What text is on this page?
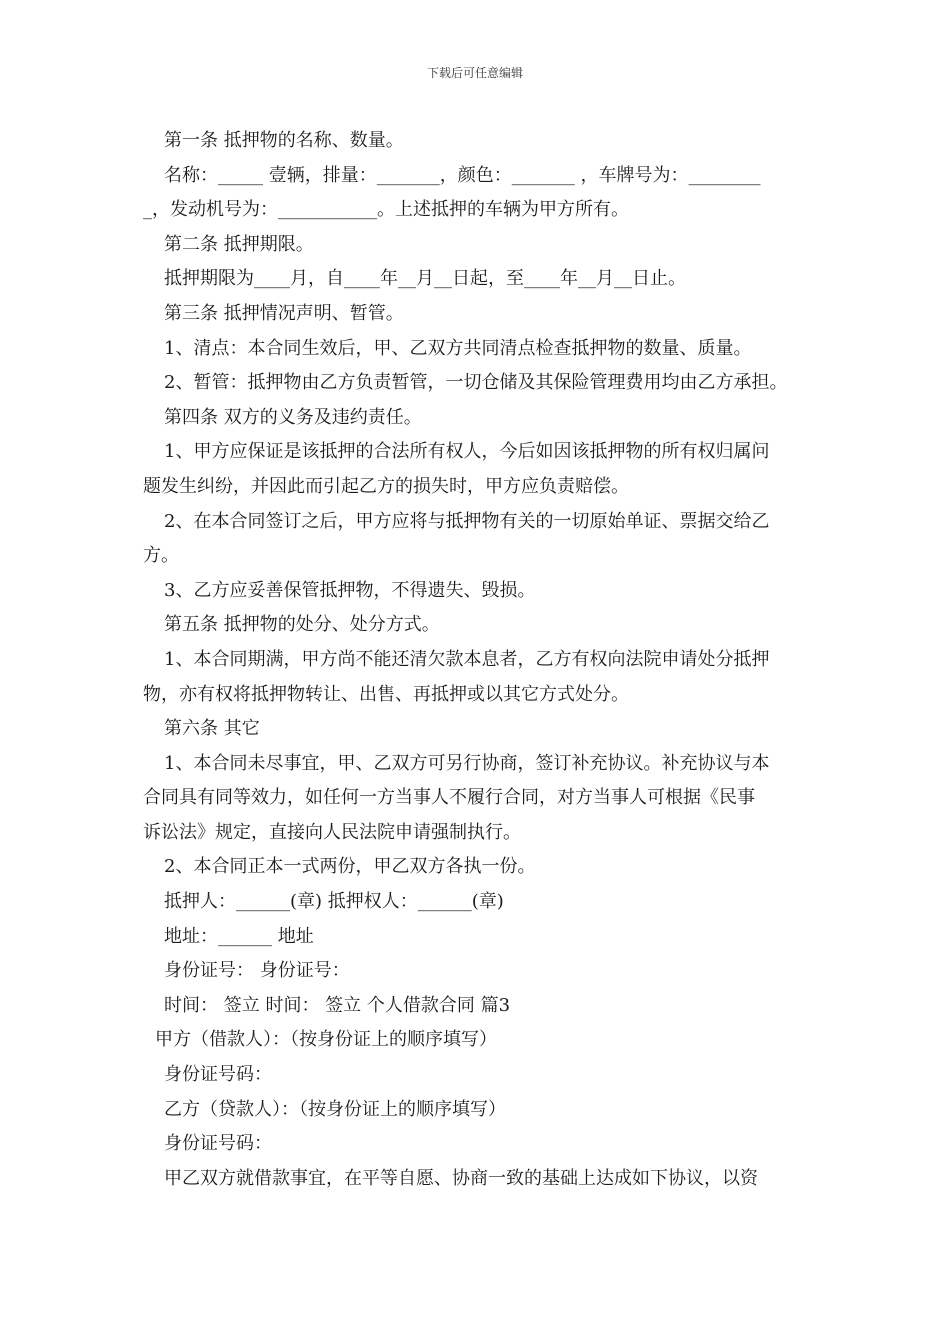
下载后可任意编辑

第一条 抵押物的名称、数量。

名称：_____ 壹辆，排量：_______，颜色：_______ ，车牌号为：________

_，发动机号为：___________。上述抵押的车辆为甲方所有。

第二条 抵押期限。

抵押期限为____月，自____年__月__日起，至____年__月__日止。

第三条 抵押情况声明、暂管。

1、清点：本合同生效后，甲、乙双方共同清点检查抵押物的数量、质量。

2、暂管：抵押物由乙方负责暂管，一切仓储及其保险管理费用均由乙方承担。

第四条 双方的义务及违约责任。

1、甲方应保证是该抵押的合法所有权人，今后如因该抵押物的所有权归属问

题发生纠纷，并因此而引起乙方的损失时，甲方应负责赔偿。

2、在本合同签订之后，甲方应将与抵押物有关的一切原始单证、票据交给乙

方。

3、乙方应妥善保管抵押物，不得遗失、毁损。

第五条 抵押物的处分、处分方式。

1、本合同期满，甲方尚不能还清欠款本息者，乙方有权向法院申请处分抵押

物，亦有权将抵押物转让、出售、再抵押或以其它方式处分。

第六条 其它

1、本合同未尽事宜，甲、乙双方可另行协商，签订补充协议。补充协议与本

合同具有同等效力，如任何一方当事人不履行合同，对方当事人可根据《民事

诉讼法》规定，直接向人民法院申请强制执行。

2、本合同正本一式两份，甲乙双方各执一份。

抵押人：______(章) 抵押权人：______(章)

地址：______ 地址

身份证号： 身份证号：

时间： 签立 时间： 签立 个人借款合同 篇3

甲方（借款人）：（按身份证上的顺序填写）

身份证号码：

乙方（贷款人）：（按身份证上的顺序填写）

身份证号码：

甲乙双方就借款事宜，在平等自愿、协商一致的基础上达成如下协议，以资
